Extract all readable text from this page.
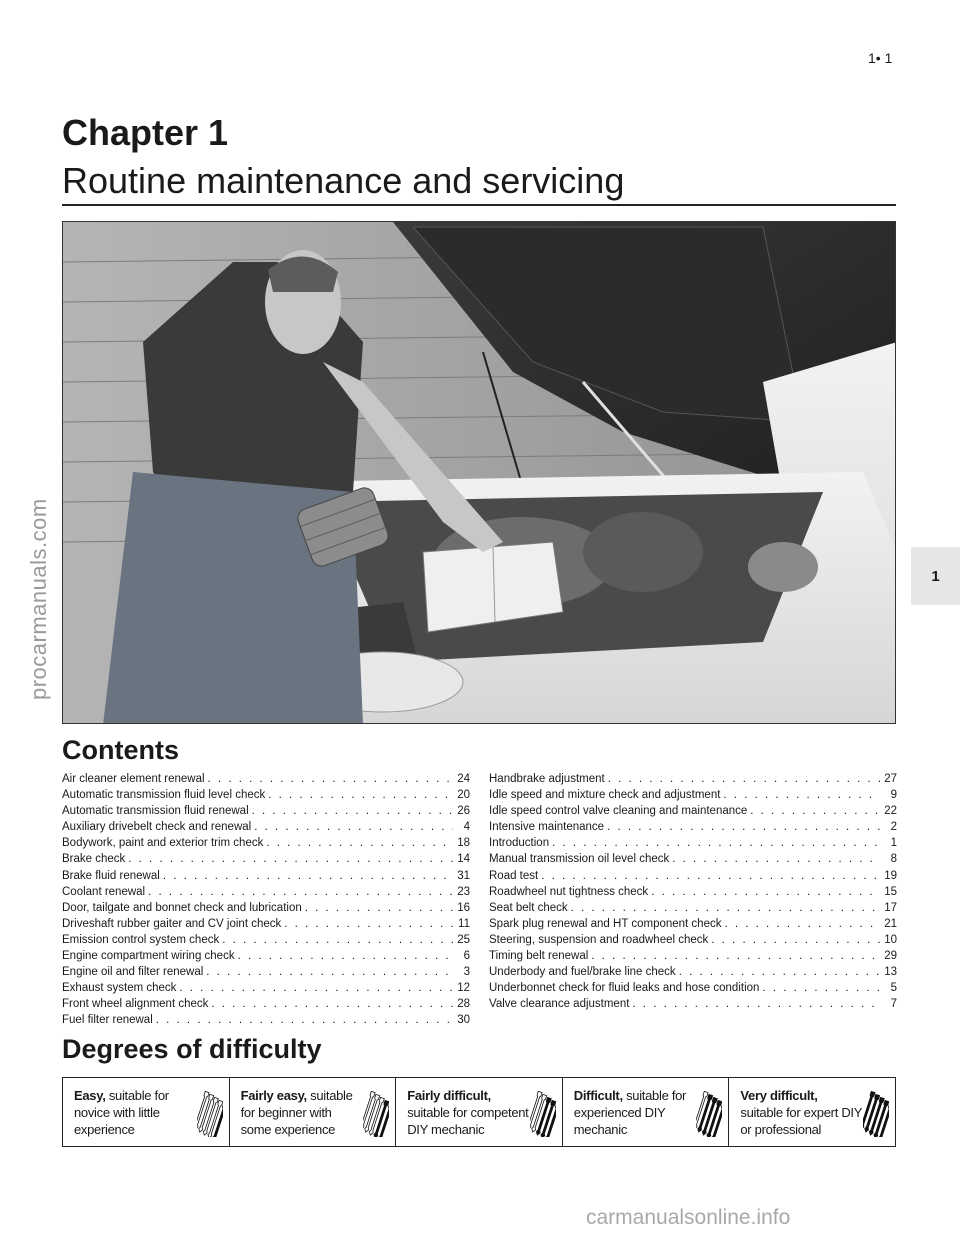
1• 1
procarmanuals.com	1
Chapter 1
Routine maintenance and servicing
Contents
Air cleaner element renewal . . .	24
Automatic transmission fluid level check . . .	20
Automatic transmission fluid renewal . . .	26
Auxiliary drivebelt check and renewal . . .	4
Bodywork, paint and exterior trim check . . .	18
Brake check . . .	14
Brake fluid renewal . . .	31
Coolant renewal . . .	23
Door, tailgate and bonnet check and lubrication . . .	16
Driveshaft rubber gaiter and CV joint check . . .	11
Emission control system check . . .	25
Engine compartment wiring check . . .	6
Engine oil and filter renewal . . .	3
Exhaust system check . . .	12
Front wheel alignment check . . .	28
Fuel filter renewal . . .	30
Handbrake adjustment . . .	27
Idle speed and mixture check and adjustment . . .	9
Idle speed control valve cleaning and maintenance . . .	22
Intensive maintenance . . .	2
Introduction . . .	1
Manual transmission oil level check . . .	8
Road test . . .	19
Roadwheel nut tightness check . . .	15
Seat belt check . . .	17
Spark plug renewal and HT component check . . .	21
Steering, suspension and roadwheel check . . .	10
Timing belt renewal . . .	29
Underbody and fuel/brake line check . . .	13
Underbonnet check for fluid leaks and hose condition . . .	5
Valve clearance adjustment . . .	7
Degrees of difficulty
Easy, suitable for
novice with little
experience
Fairly easy, suitable
for beginner with
some experience
Fairly difficult,
suitable for competent
DIY mechanic
Difficult, suitable for
experienced DIY
mechanic
Very difficult,
suitable for expert DIY
or professional
carmanualsonline.info
